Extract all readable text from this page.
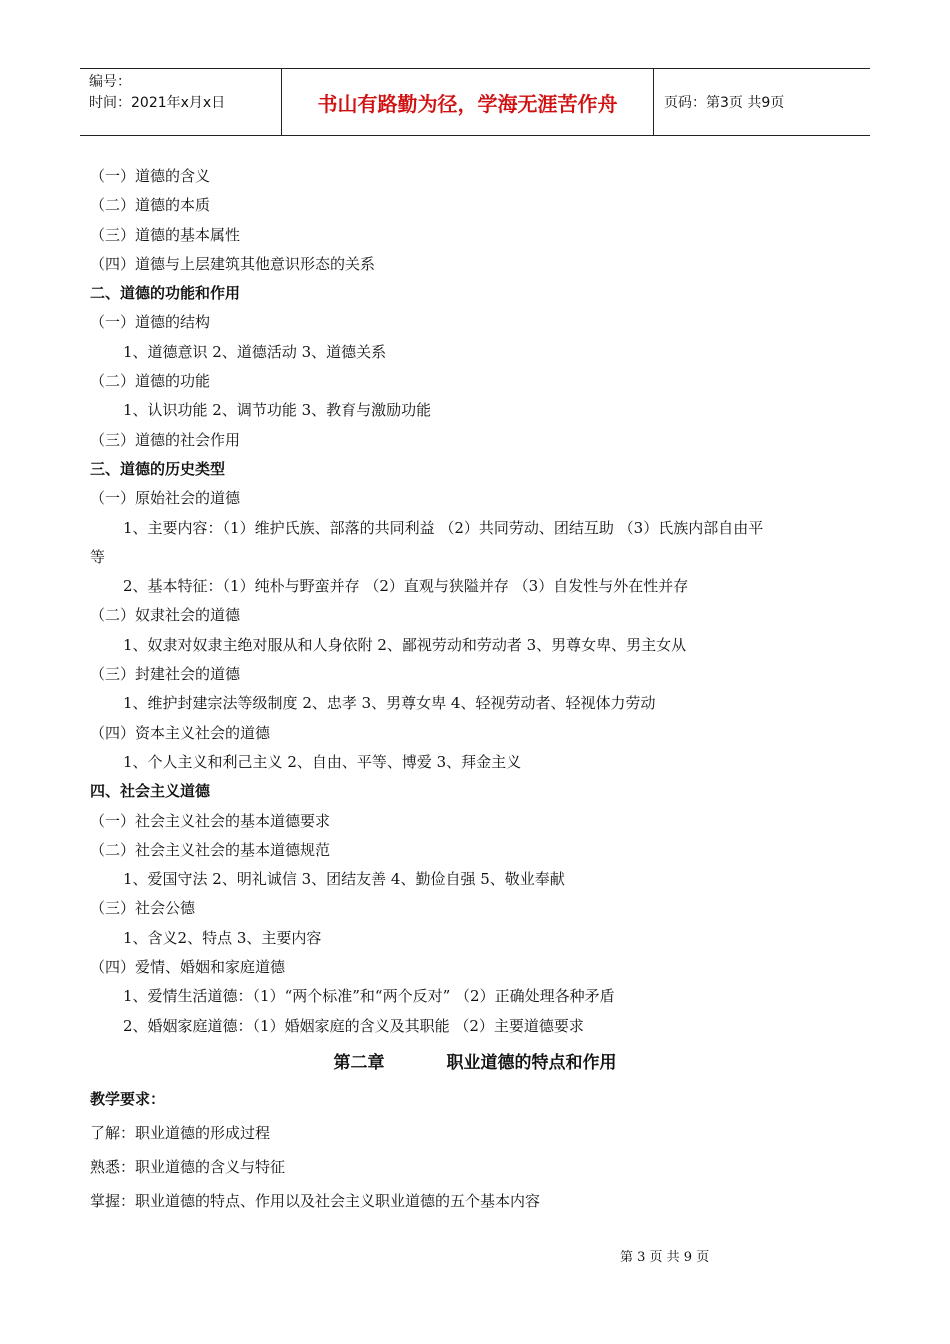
编号：
时间：2021年x月x日	书山有路勤为径，学海无涯苦作舟	页码：第3页 共9页
（一）道德的含义
（二）道德的本质
（三）道德的基本属性
（四）道德与上层建筑其他意识形态的关系
二、道德的功能和作用
（一）道德的结构
1、道德意识 2、道德活动 3、道德关系
（二）道德的功能
1、认识功能 2、调节功能 3、教育与激励功能
（三）道德的社会作用
三、道德的历史类型
（一）原始社会的道德
1、主要内容：（1）维护氏族、部落的共同利益 （2）共同劳动、团结互助 （3）氏族内部自由平
等
2、基本特征：（1）纯朴与野蛮并存 （2）直观与狭隘并存 （3）自发性与外在性并存
（二）奴隶社会的道德
1、奴隶对奴隶主绝对服从和人身依附 2、鄙视劳动和劳动者 3、男尊女卑、男主女从
（三）封建社会的道德
1、维护封建宗法等级制度 2、忠孝 3、男尊女卑 4、轻视劳动者、轻视体力劳动
（四）资本主义社会的道德
1、个人主义和利己主义 2、自由、平等、博爱 3、拜金主义
四、社会主义道德
（一）社会主义社会的基本道德要求
（二）社会主义社会的基本道德规范
1、爱国守法 2、明礼诚信 3、团结友善 4、勤俭自强 5、敬业奉献
（三）社会公德
1、含义2、特点 3、主要内容
（四）爱情、婚姻和家庭道德
1、爱情生活道德：（1）“两个标准”和“两个反对” （2）正确处理各种矛盾
2、婚姻家庭道德：（1）婚姻家庭的含义及其职能 （2）主要道德要求
第二章	职业道德的特点和作用
教学要求：
了解：职业道德的形成过程
熟悉：职业道德的含义与特征
掌握：职业道德的特点、作用以及社会主义职业道德的五个基本内容
第 3 页 共 9 页
